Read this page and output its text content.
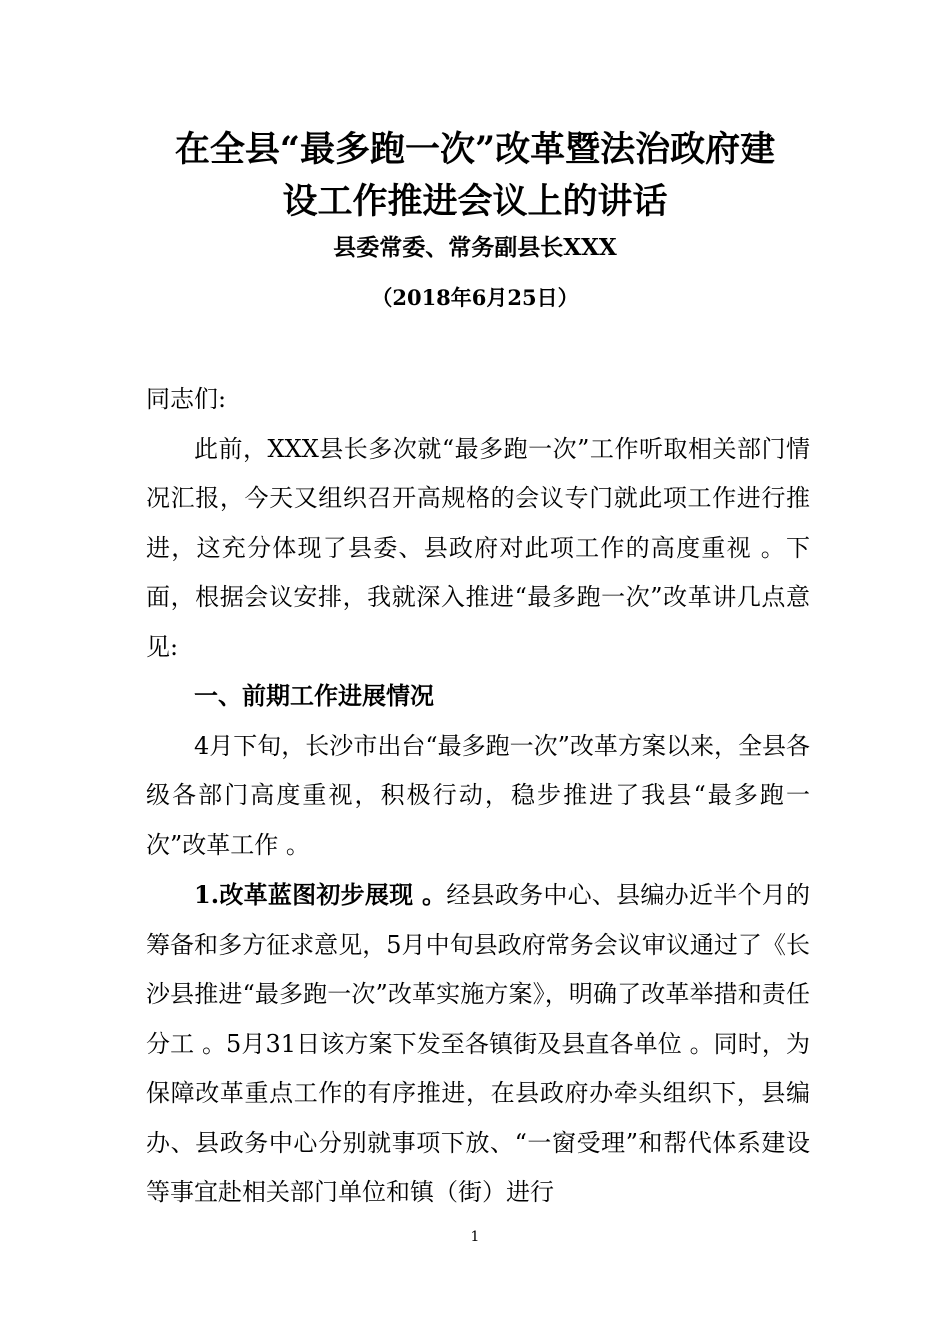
在全县“最多跑一次”改革暨法治政府建
设工作推进会议上的讲话
县委常委、常务副县长XXX
（2018年6月25日）

同志们:

此前，XXX县长多次就“最多跑一次”工作听取相关部门情况汇报，今天又组织召开高规格的会议专门就此项工作进行推进，这充分体现了县委、县政府对此项工作的高度重视 。下面，根据会议安排，我就深入推进“最多跑一次”改革讲几点意见:

一、前期工作进展情况

4月下旬，长沙市出台“最多跑一次”改革方案以来，全县各级各部门高度重视，积极行动，稳步推进了我县“最多跑一次”改革工作 。

1.改革蓝图初步展现 。经县政务中心、县编办近半个月的筹备和多方征求意见，5月中旬县政府常务会议审议通过了《长沙县推进“最多跑一次”改革实施方案》，明确了改革举措和责任分工 。5月31日该方案下发至各镇街及县直各单位 。同时，为保障改革重点工作的有序推进，在县政府办牵头组织下，县编办、县政务中心分别就事项下放、“一窗受理”和帮代体系建设等事宜赴相关部门单位和镇（街）进行

1
